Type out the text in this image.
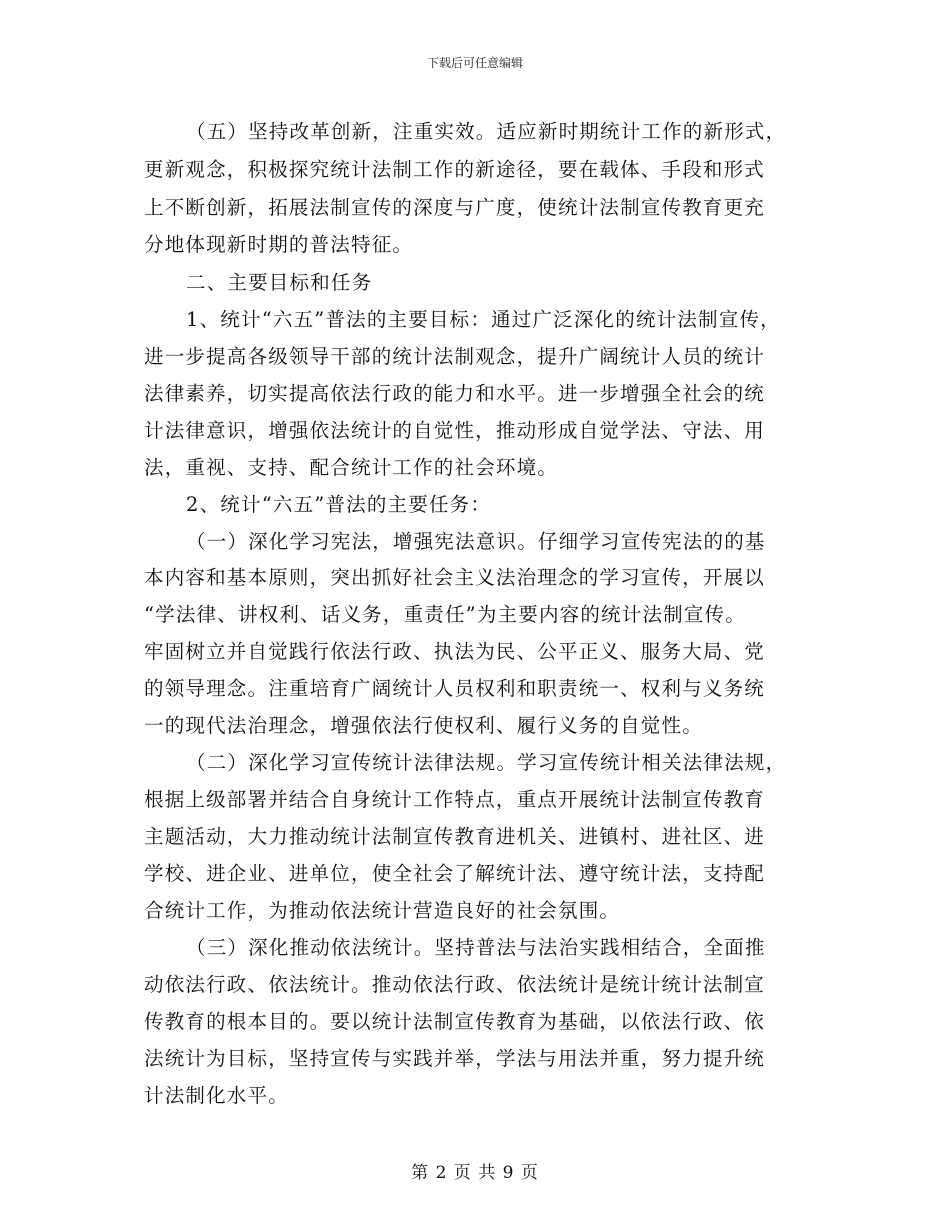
下载后可任意编辑
（五）坚持改革创新，注重实效。适应新时期统计工作的新形式，
更新观念，积极探究统计法制工作的新途径，要在载体、手段和形式
上不断创新，拓展法制宣传的深度与广度，使统计法制宣传教育更充
分地体现新时期的普法特征。
二、主要目标和任务
1、统计“六五”普法的主要目标：通过广泛深化的统计法制宣传，
进一步提高各级领导干部的统计法制观念，提升广阔统计人员的统计
法律素养，切实提高依法行政的能力和水平。进一步增强全社会的统
计法律意识，增强依法统计的自觉性，推动形成自觉学法、守法、用
法，重视、支持、配合统计工作的社会环境。
2、统计“六五”普法的主要任务：
（一）深化学习宪法，增强宪法意识。仔细学习宣传宪法的的基
本内容和基本原则，突出抓好社会主义法治理念的学习宣传，开展以
“学法律、讲权利、话义务，重责任”为主要内容的统计法制宣传。
牢固树立并自觉践行依法行政、执法为民、公平正义、服务大局、党
的领导理念。注重培育广阔统计人员权利和职责统一、权利与义务统
一的现代法治理念，增强依法行使权利、履行义务的自觉性。
（二）深化学习宣传统计法律法规。学习宣传统计相关法律法规，
根据上级部署并结合自身统计工作特点，重点开展统计法制宣传教育
主题活动，大力推动统计法制宣传教育进机关、进镇村、进社区、进
学校、进企业、进单位，使全社会了解统计法、遵守统计法，支持配
合统计工作，为推动依法统计营造良好的社会氛围。
（三）深化推动依法统计。坚持普法与法治实践相结合，全面推
动依法行政、依法统计。推动依法行政、依法统计是统计统计法制宣
传教育的根本目的。要以统计法制宣传教育为基础，以依法行政、依
法统计为目标，坚持宣传与实践并举，学法与用法并重，努力提升统
计法制化水平。
第 2 页 共 9 页
